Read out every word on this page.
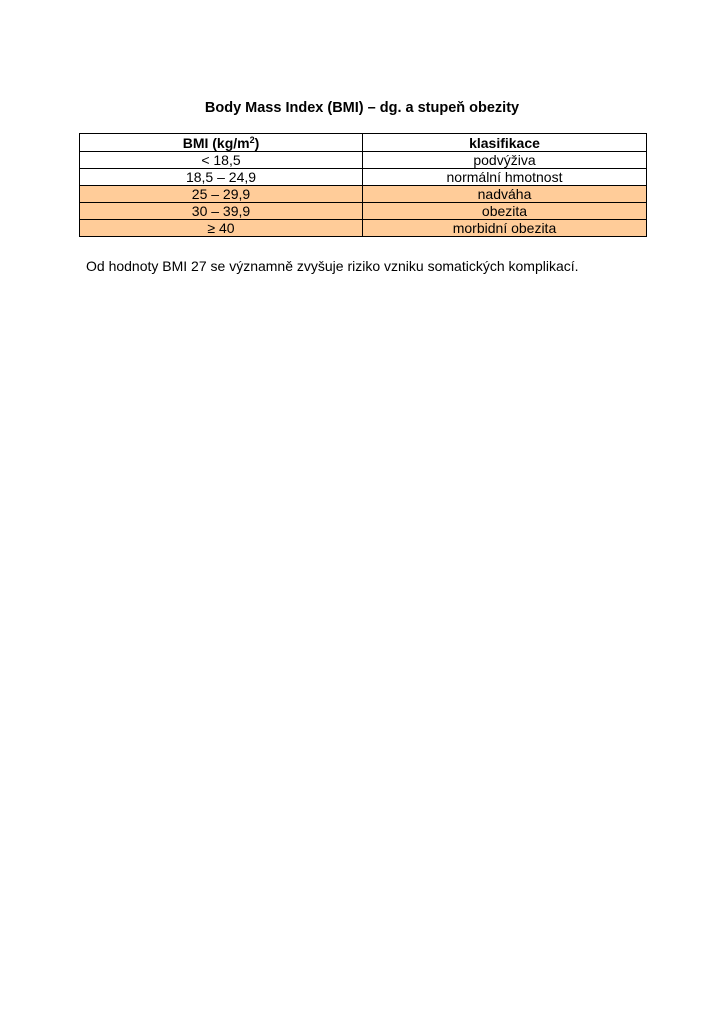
Body Mass Index (BMI) – dg. a stupeň obezity
BMI $(kg/m^2)$	klasifikace
< 18,5	podvýživa
18,5 – 24,9	normální hmotnost
25 – 29,9	nadváha
30 – 39,9	obezita
≥ 40	morbidní obezita
Od hodnoty BMI 27 se významně zvyšuje riziko vzniku somatických komplikací.
